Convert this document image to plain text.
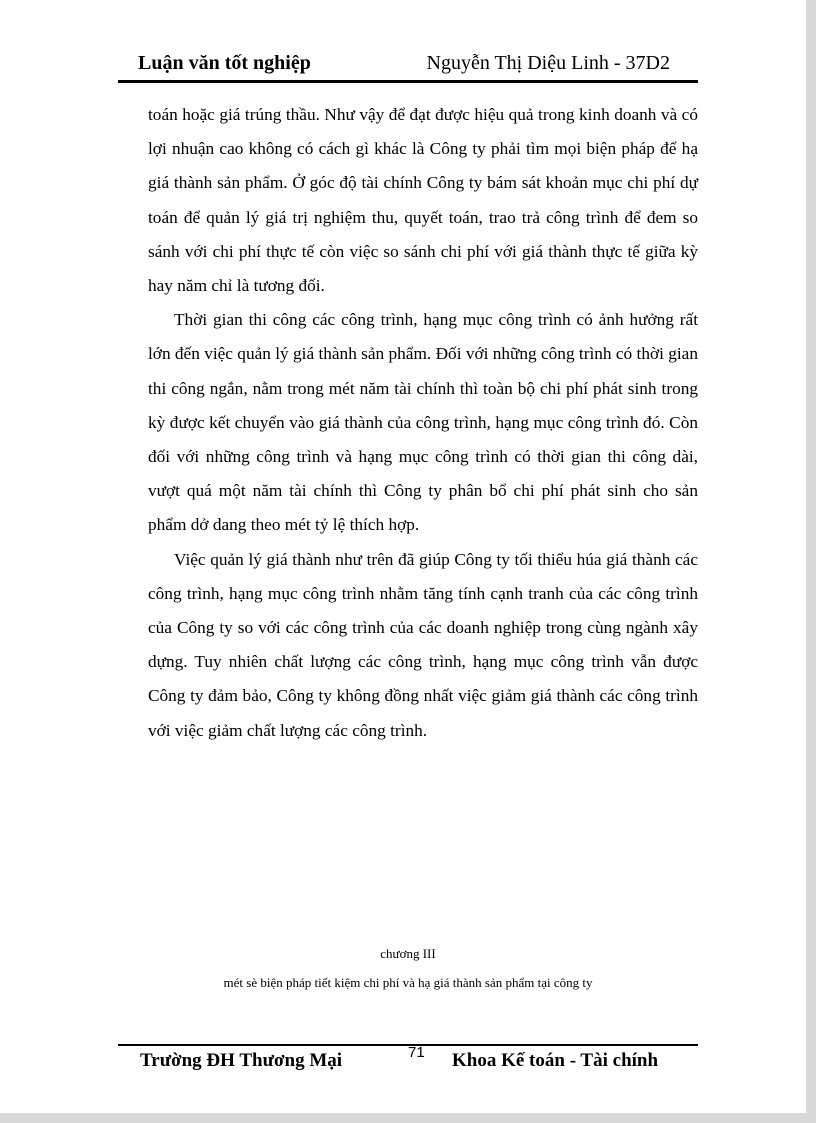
Luận văn tốt nghiệp	Nguyễn Thị Diệu Linh - 37D2

toán hoặc giá trúng thầu. Như vậy để đạt được hiệu quả trong kinh doanh và có lợi nhuận cao không có cách gì khác là Công ty phải tìm mọi biện pháp để hạ giá thành sản phẩm. Ở góc độ tài chính Công ty bám sát khoản mục chi phí dự toán để quản lý giá trị nghiệm thu, quyết toán, trao trả công trình để đem so sánh với chi phí thực tế còn việc so sánh chi phí với giá thành thực tế giữa kỳ hay năm chỉ là tương đối.

Thời gian thi công các công trình, hạng mục công trình có ảnh hưởng rất lớn đến việc quản lý giá thành sản phẩm. Đối với những công trình có thời gian thi công ngắn, nằm trong mét năm tài chính thì toàn bộ chi phí phát sinh trong kỳ được kết chuyển vào giá thành của công trình, hạng mục công trình đó. Còn đối với những công trình và hạng mục công trình có thời gian thi công dài, vượt quá một năm tài chính thì Công ty phân bổ chi phí phát sinh cho sản phẩm dở dang theo mét tỷ lệ thích hợp.

Việc quản lý giá thành như trên đã giúp Công ty tối thiểu húa giá thành các công trình, hạng mục công trình nhằm tăng tính cạnh tranh của các công trình của Công ty so với các công trình của các doanh nghiệp trong cùng ngành xây dựng. Tuy nhiên chất lượng các công trình, hạng mục công trình vẫn được Công ty đảm bảo, Công ty không đồng nhất việc giảm giá thành các công trình với việc giảm chất lượng các công trình.

chương III
mét sè biện pháp tiết kiệm chi phí và hạ giá thành sản phẩm tại công ty
Trường ĐH Thương Mại	71 Khoa Kế toán - Tài chính
